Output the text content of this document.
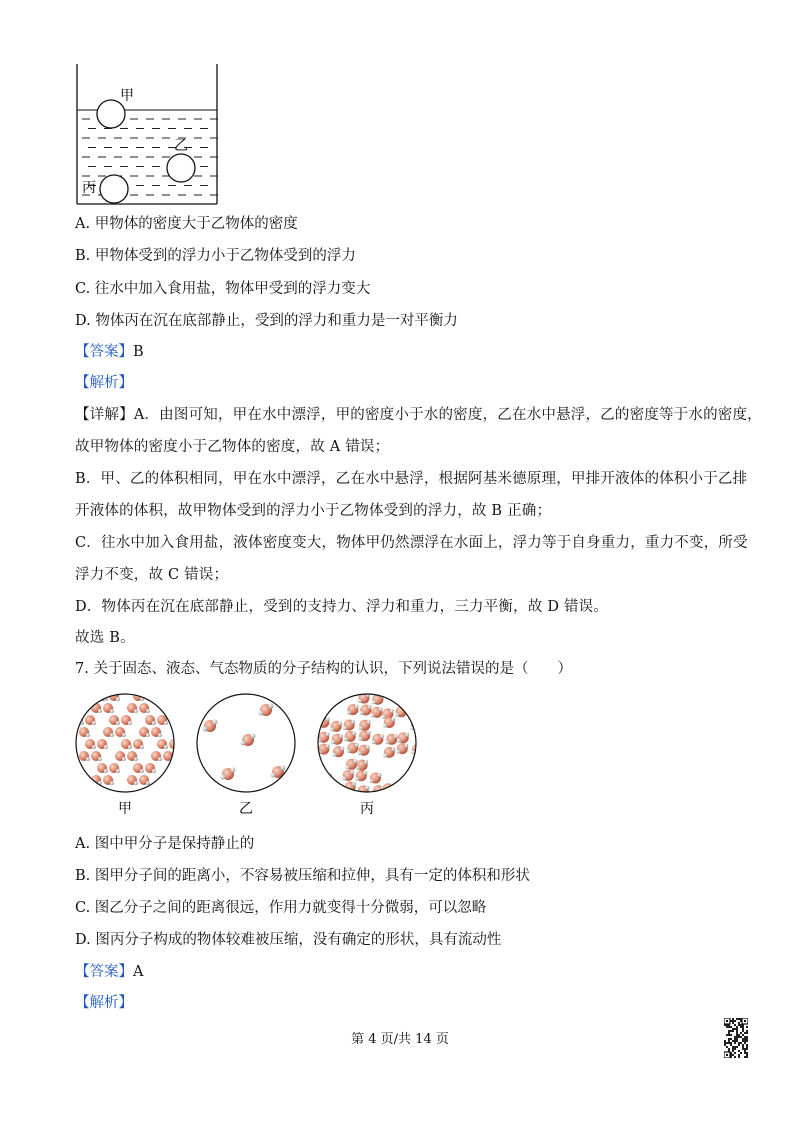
甲
乙
丙
A. 甲物体的密度大于乙物体的密度
B. 甲物体受到的浮力小于乙物体受到的浮力
C. 往水中加入食用盐，物体甲受到的浮力变大
D. 物体丙在沉在底部静止，受到的浮力和重力是一对平衡力
【答案】B
【解析】
【详解】A．由图可知，甲在水中漂浮，甲的密度小于水的密度，乙在水中悬浮，乙的密度等于水的密度，
故甲物体的密度小于乙物体的密度，故 A 错误；
B．甲、乙的体积相同，甲在水中漂浮，乙在水中悬浮，根据阿基米德原理，甲排开液体的体积小于乙排
开液体的体积，故甲物体受到的浮力小于乙物体受到的浮力，故 B 正确；
C．往水中加入食用盐，液体密度变大，物体甲仍然漂浮在水面上，浮力等于自身重力，重力不变，所受
浮力不变，故 C 错误；
D．物体丙在沉在底部静止，受到的支持力、浮力和重力，三力平衡，故 D 错误。
故选 B。
7. 关于固态、液态、气态物质的分子结构的认识，下列说法错误的是（　　）
甲	乙	丙
A. 图中甲分子是保持静止的
B. 图甲分子间的距离小，不容易被压缩和拉伸，具有一定的体积和形状
C. 图乙分子之间的距离很远，作用力就变得十分微弱，可以忽略
D. 图丙分子构成的物体较难被压缩，没有确定的形状，具有流动性
【答案】A
【解析】
第 4 页/共 14 页
